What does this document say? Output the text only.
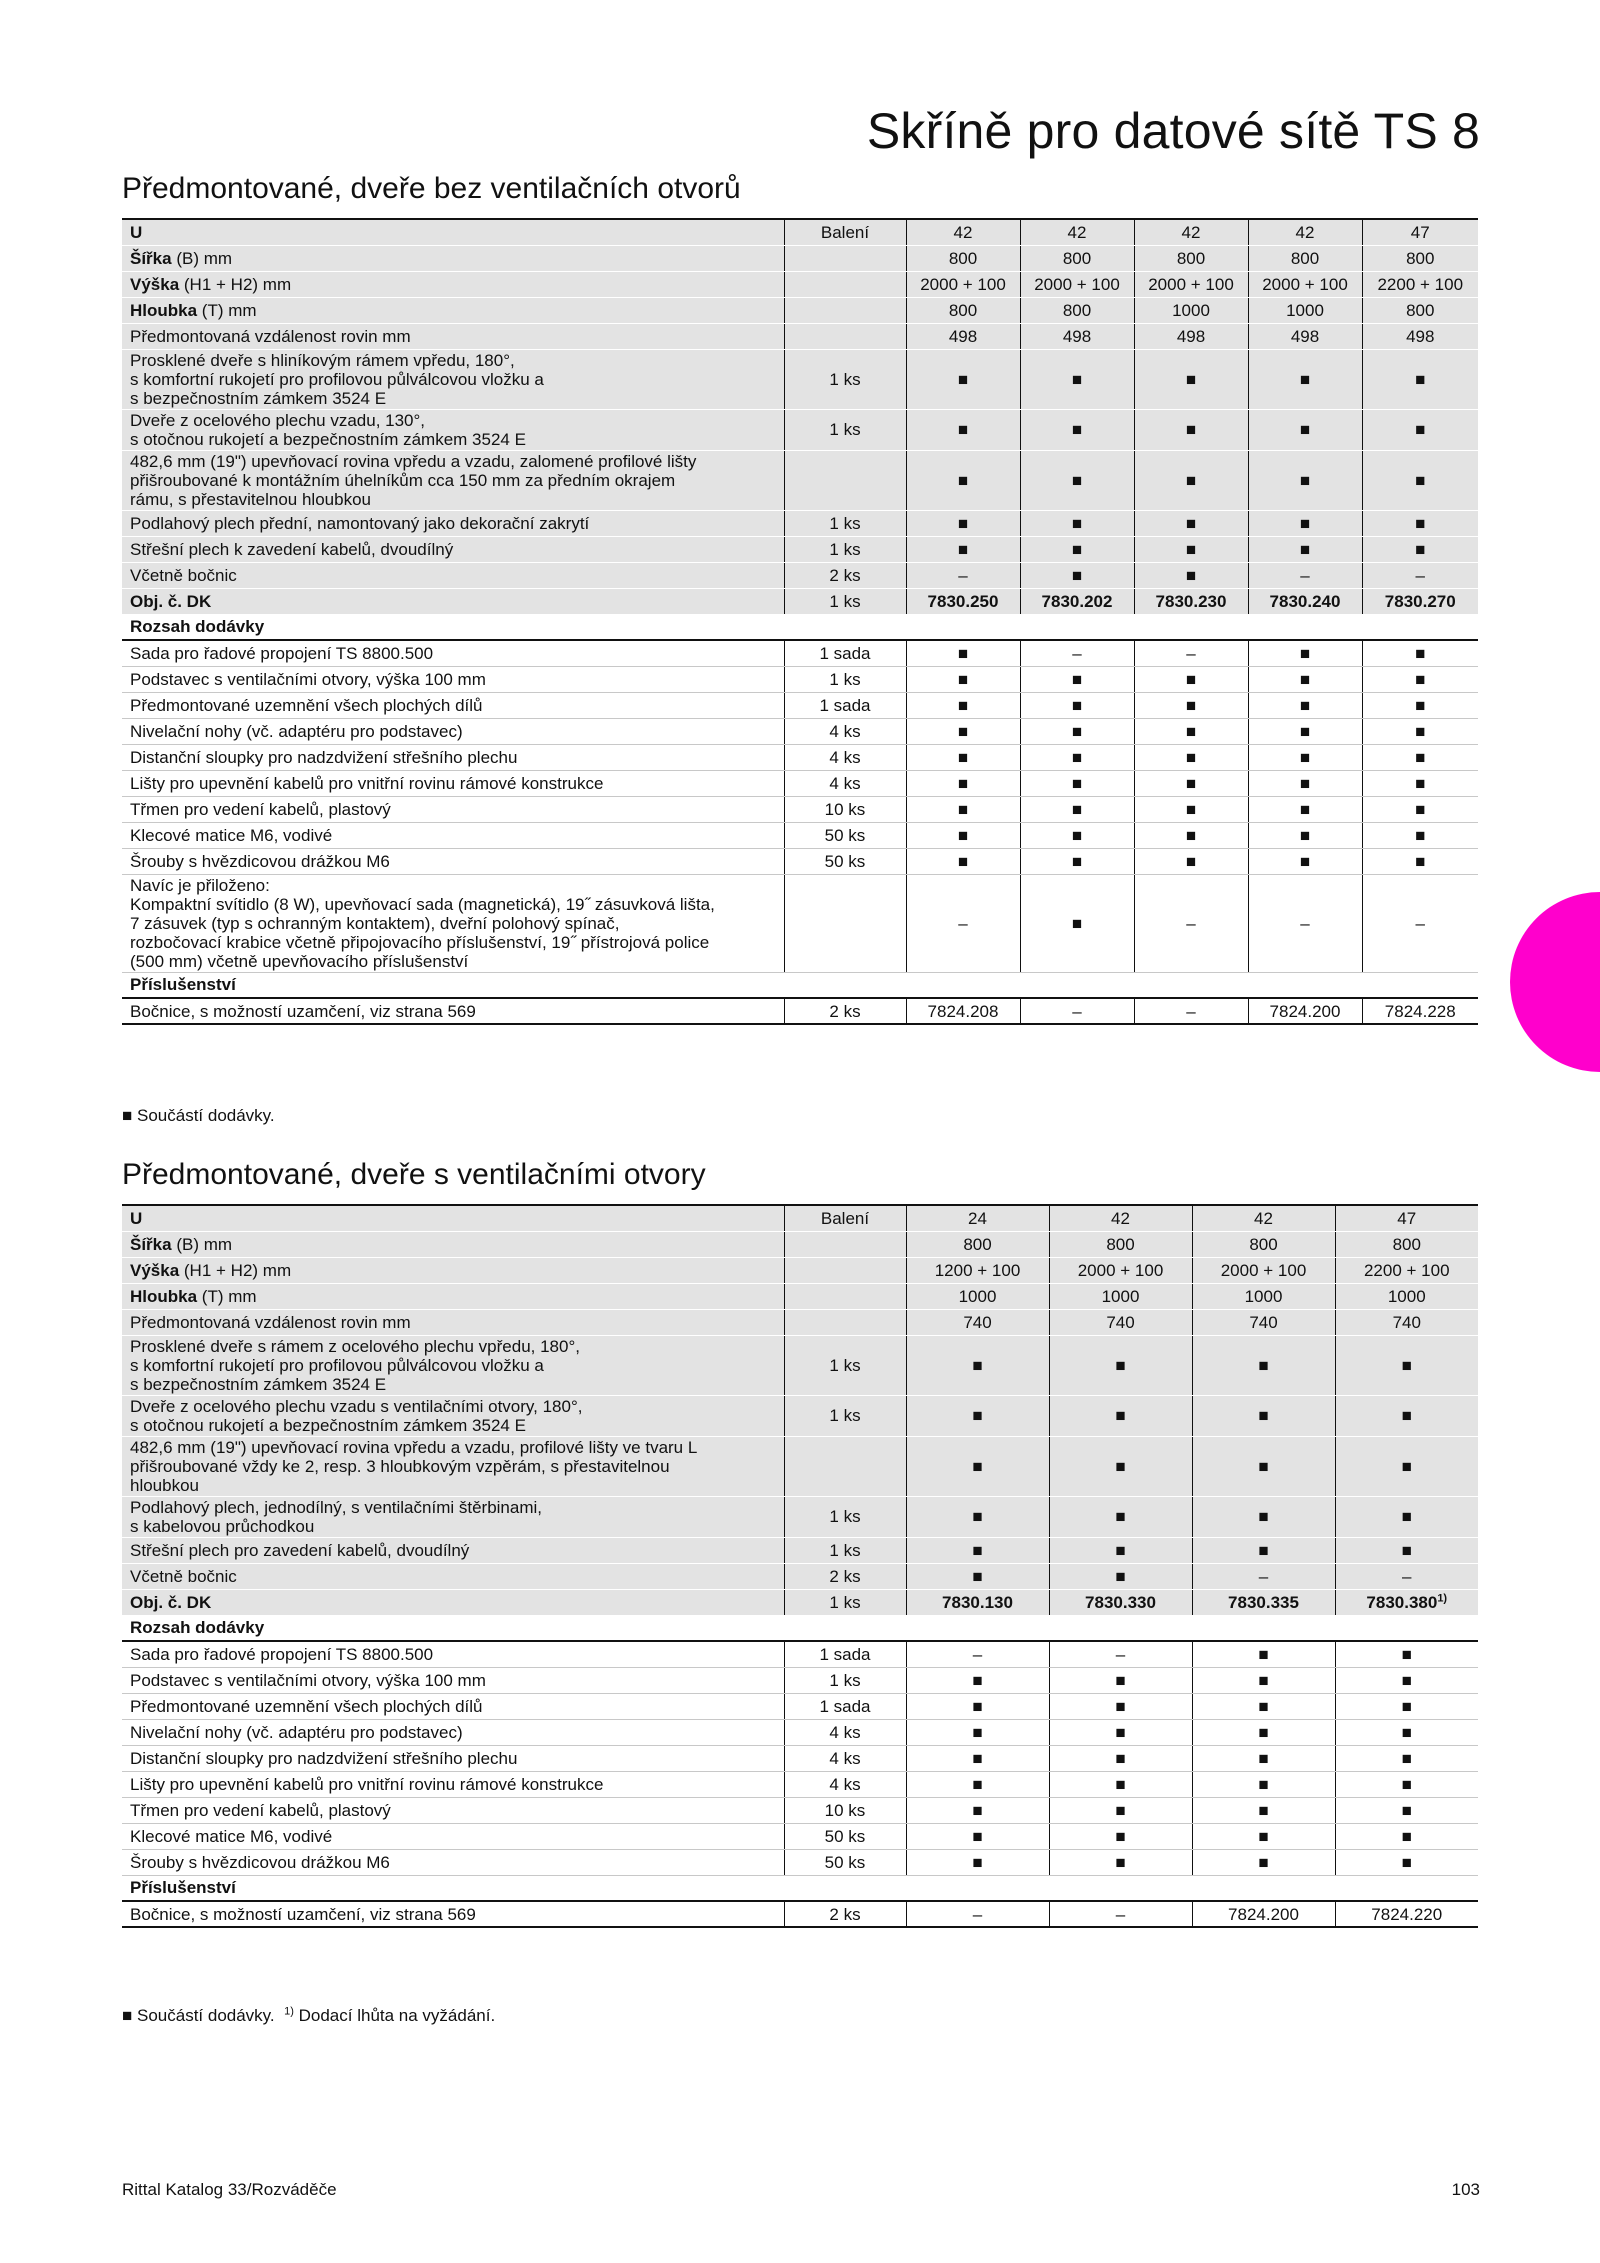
Skříně pro datové sítě TS 8
Předmontované, dveře bez ventilačních otvorů
U	Balení	42	42	42	42	47
Šířka (B) mm		800	800	800	800	800
Výška (H1 + H2) mm		2000 + 100	2000 + 100	2000 + 100	2000 + 100	2200 + 100
Hloubka (T) mm		800	800	1000	1000	800
Předmontovaná vzdálenost rovin mm		498	498	498	498	498
Prosklené dveře s hliníkovým rámem vpředu, 180°,
s komfortní rukojetí pro profilovou půlválcovou vložku a
s bezpečnostním zámkem 3524 E	1 ks	■	■	■	■	■
Dveře z ocelového plechu vzadu, 130°,
s otočnou rukojetí a bezpečnostním zámkem 3524 E	1 ks	■	■	■	■	■
482,6 mm (19ʺ) upevňovací rovina vpředu a vzadu, zalomené profilové lišty
přišroubované k montážním úhelníkům cca 150 mm za předním okrajem
rámu, s přestavitelnou hloubkou		■	■	■	■	■
Podlahový plech přední, namontovaný jako dekorační zakrytí	1 ks	■	■	■	■	■
Střešní plech k zavedení kabelů, dvoudílný	1 ks	■	■	■	■	■
Včetně bočnic	2 ks	–	■	■	–	–
Obj. č. DK	1 ks	7830.250	7830.202	7830.230	7830.240	7830.270
Rozsah dodávky						
Sada pro řadové propojení TS 8800.500	1 sada	■	–	–	■	■
Podstavec s ventilačními otvory, výška 100 mm	1 ks	■	■	■	■	■
Předmontované uzemnění všech plochých dílů	1 sada	■	■	■	■	■
Nivelační nohy (vč. adaptéru pro podstavec)	4 ks	■	■	■	■	■
Distanční sloupky pro nadzdvižení střešního plechu	4 ks	■	■	■	■	■
Lišty pro upevnění kabelů pro vnitřní rovinu rámové konstrukce	4 ks	■	■	■	■	■
Třmen pro vedení kabelů, plastový	10 ks	■	■	■	■	■
Klecové matice M6, vodivé	50 ks	■	■	■	■	■
Šrouby s hvězdicovou drážkou M6	50 ks	■	■	■	■	■
Navíc je přiloženo:
Kompaktní svítidlo (8 W), upevňovací sada (magnetická), 19˝ zásuvková lišta,
7 zásuvek (typ s ochranným kontaktem), dveřní polohový spínač,
rozbočovací krabice včetně připojovacího příslušenství, 19˝ přístrojová police
(500 mm) včetně upevňovacího příslušenství		–	■	–	–	–
Příslušenství						
Bočnice, s možností uzamčení, viz strana 569	2 ks	7824.208	–	–	7824.200	7824.228

■ Součástí dodávky.

Předmontované, dveře s ventilačními otvory
U	Balení	24	42	42	47
Šířka (B) mm		800	800	800	800
Výška (H1 + H2) mm		1200 + 100	2000 + 100	2000 + 100	2200 + 100
Hloubka (T) mm		1000	1000	1000	1000
Předmontovaná vzdálenost rovin mm		740	740	740	740
Prosklené dveře s rámem z ocelového plechu vpředu, 180°,
s komfortní rukojetí pro profilovou půlválcovou vložku a
s bezpečnostním zámkem 3524 E	1 ks	■	■	■	■
Dveře z ocelového plechu vzadu s ventilačními otvory, 180°,
s otočnou rukojetí a bezpečnostním zámkem 3524 E	1 ks	■	■	■	■
482,6 mm (19ʺ) upevňovací rovina vpředu a vzadu, profilové lišty ve tvaru L
přišroubované vždy ke 2, resp. 3 hloubkovým vzpěrám, s přestavitelnou
hloubkou		■	■	■	■
Podlahový plech, jednodílný, s ventilačními štěrbinami,
s kabelovou průchodkou	1 ks	■	■	■	■
Střešní plech pro zavedení kabelů, dvoudílný	1 ks	■	■	■	■
Včetně bočnic	2 ks	■	■	–	–
Obj. č. DK	1 ks	7830.130	7830.330	7830.335	7830.380$^{1)}$
Rozsah dodávky					
Sada pro řadové propojení TS 8800.500	1 sada	–	–	■	■
Podstavec s ventilačními otvory, výška 100 mm	1 ks	■	■	■	■
Předmontované uzemnění všech plochých dílů	1 sada	■	■	■	■
Nivelační nohy (vč. adaptéru pro podstavec)	4 ks	■	■	■	■
Distanční sloupky pro nadzdvižení střešního plechu	4 ks	■	■	■	■
Lišty pro upevnění kabelů pro vnitřní rovinu rámové konstrukce	4 ks	■	■	■	■
Třmen pro vedení kabelů, plastový	10 ks	■	■	■	■
Klecové matice M6, vodivé	50 ks	■	■	■	■
Šrouby s hvězdicovou drážkou M6	50 ks	■	■	■	■
Příslušenství					
Bočnice, s možností uzamčení, viz strana 569	2 ks	–	–	7824.200	7824.220

■ Součástí dodávky. $^{1)}$ Dodací lhůta na vyžádání.

Rittal Katalog 33/Rozváděče	103
